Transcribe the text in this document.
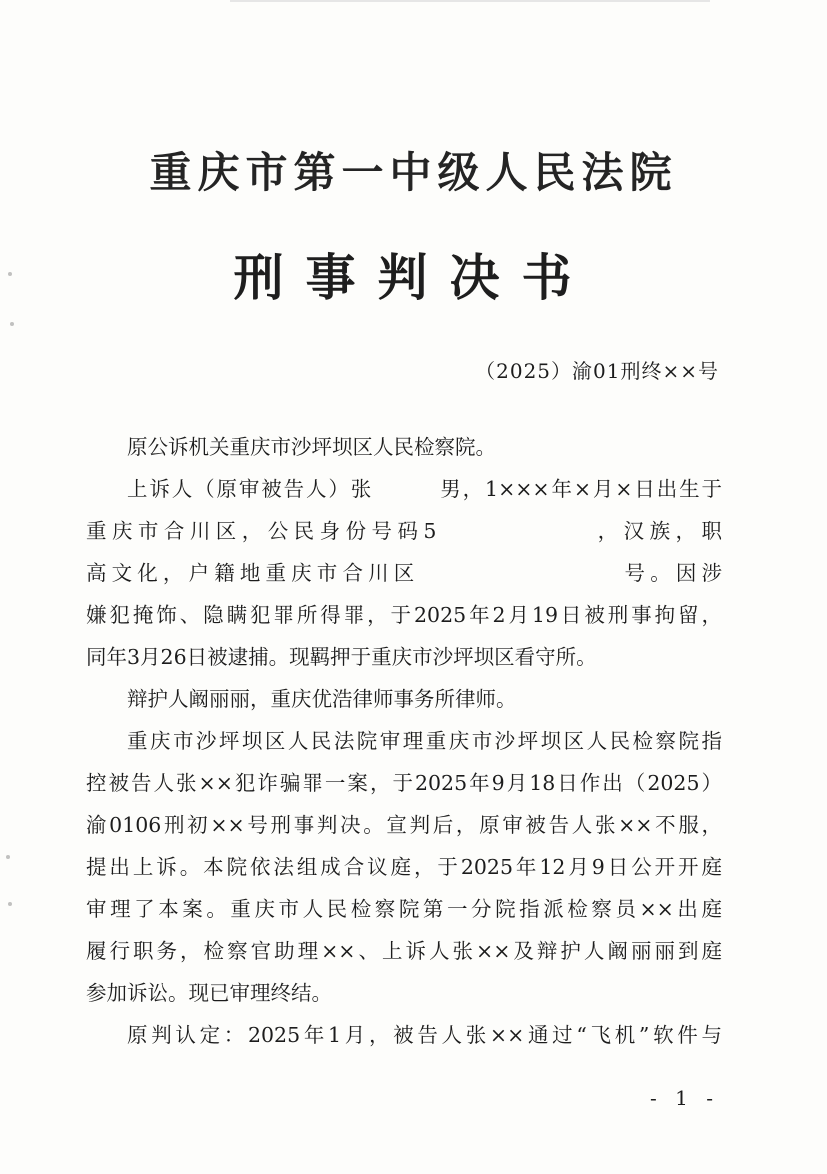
重庆市第一中级人民法院
刑事判决书
（2025）渝01刑终××号
原公诉机关重庆市沙坪坝区人民检察院。
上诉人（原审被告人）张　　　男，1×××年×月×日出生于
重庆市合川区，公民身份号码5　　　　　　，汉族，职
高文化，户籍地重庆市合川区　　　　　　　　号。因涉
嫌犯掩饰、隐瞒犯罪所得罪，于2025年2月19日被刑事拘留，
同年3月26日被逮捕。现羁押于重庆市沙坪坝区看守所。
辩护人阚丽丽，重庆优浩律师事务所律师。
重庆市沙坪坝区人民法院审理重庆市沙坪坝区人民检察院指
控被告人张××犯诈骗罪一案，于2025年9月18日作出（2025）
渝0106刑初××号刑事判决。宣判后，原审被告人张××不服，
提出上诉。本院依法组成合议庭，于2025年12月9日公开开庭
审理了本案。重庆市人民检察院第一分院指派检察员××出庭
履行职务，检察官助理××、上诉人张××及辩护人阚丽丽到庭
参加诉讼。现已审理终结。
原判认定：2025年1月，被告人张××通过“飞机”软件与
- 1 -
